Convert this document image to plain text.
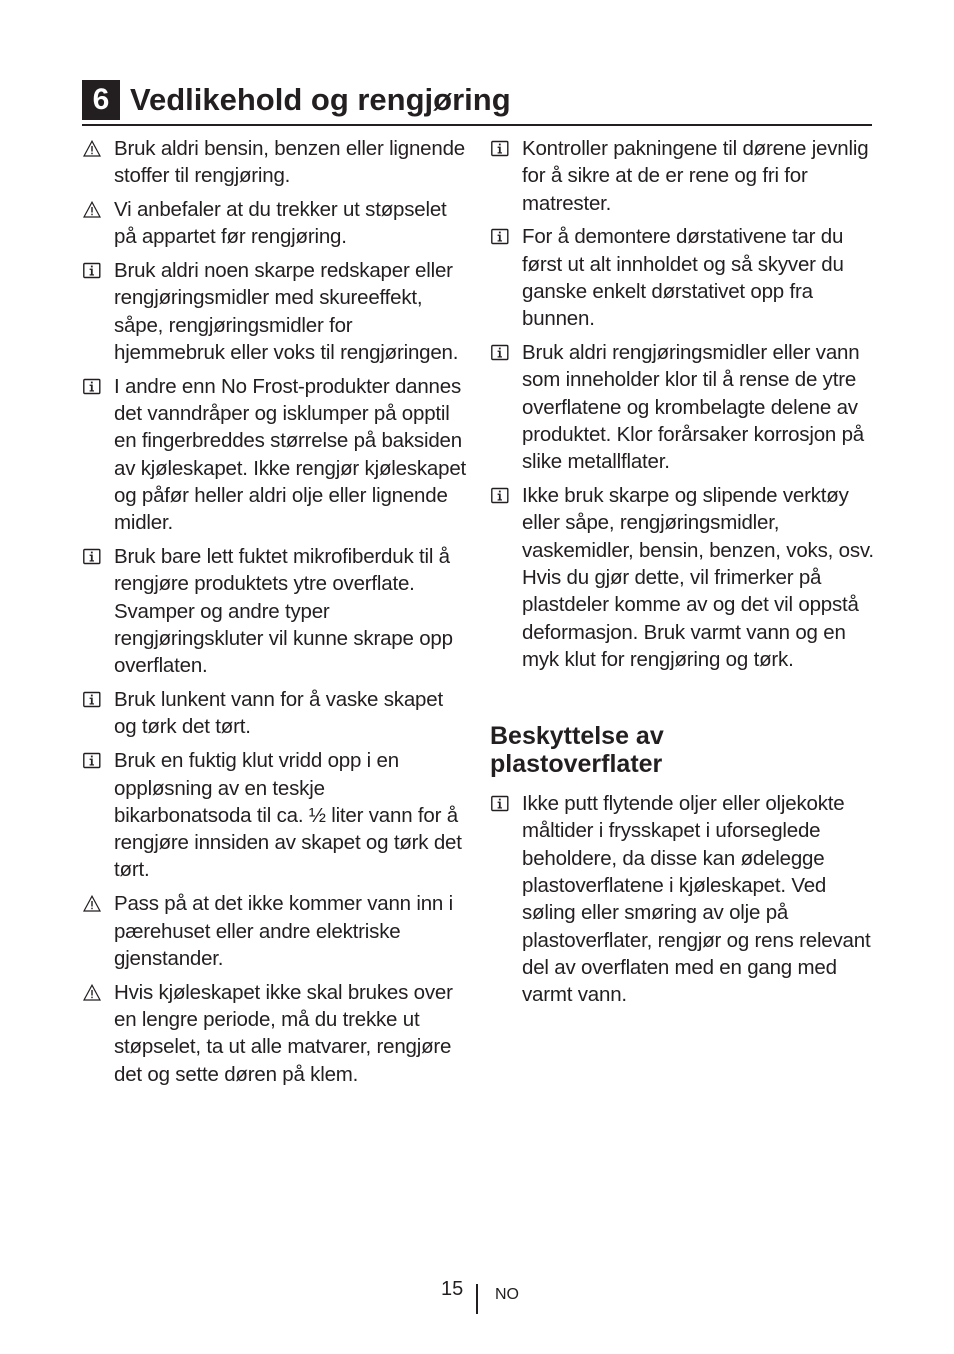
6 Vedlikehold og rengjøring
Bruk aldri bensin, benzen eller lignende stoffer til rengjøring.
Vi anbefaler at du trekker ut støpselet på appartet før rengjøring.
Bruk aldri noen skarpe redskaper eller rengjøringsmidler med skureeffekt, såpe, rengjøringsmidler for hjemmebruk eller voks til rengjøringen.
I andre enn No Frost-produkter dannes det vanndråper og isklumper på opptil en fingerbreddes størrelse på baksiden av kjøleskapet. Ikke rengjør kjøleskapet og påfør heller aldri olje eller lignende midler.
Bruk bare lett fuktet mikrofiberduk til å rengjøre produktets ytre overflate. Svamper og andre typer rengjøringskluter vil kunne skrape opp overflaten.
Bruk lunkent vann for å vaske skapet og tørk det tørt.
Bruk en fuktig klut vridd opp i en oppløsning av en teskje bikarbonatsoda til ca. ½ liter vann for å rengjøre innsiden av skapet og tørk det tørt.
Pass på at det ikke kommer vann inn i pærehuset eller andre elektriske gjenstander.
Hvis kjøleskapet ikke skal brukes over en lengre periode, må du trekke ut støpselet, ta ut alle matvarer, rengjøre det og sette døren på klem.
Kontroller pakningene til dørene jevnlig for å sikre at de er rene og fri for matrester.
For å demontere dørstativene tar du først ut alt innholdet og så skyver du ganske enkelt dørstativet opp fra bunnen.
Bruk aldri rengjøringsmidler eller vann som inneholder klor til å rense de ytre overflatene og krombelagte delene av produktet. Klor forårsaker korrosjon på slike metallflater.
Ikke bruk skarpe og slipende verktøy eller såpe, rengjøringsmidler, vaskemidler, bensin, benzen, voks, osv. Hvis du gjør dette, vil frimerker på plastdeler komme av og det vil oppstå deformasjon. Bruk varmt vann og en myk klut for rengjøring og tørk.
Beskyttelse av
plastoverflater
Ikke putt flytende oljer eller oljekokte måltider i frysskapet i uforseglede beholdere, da disse kan ødelegge plastoverflatene i kjøleskapet. Ved søling eller smøring av olje på plastoverflater, rengjør og rens relevant del av overflaten med en gang med varmt vann.
15 NO
